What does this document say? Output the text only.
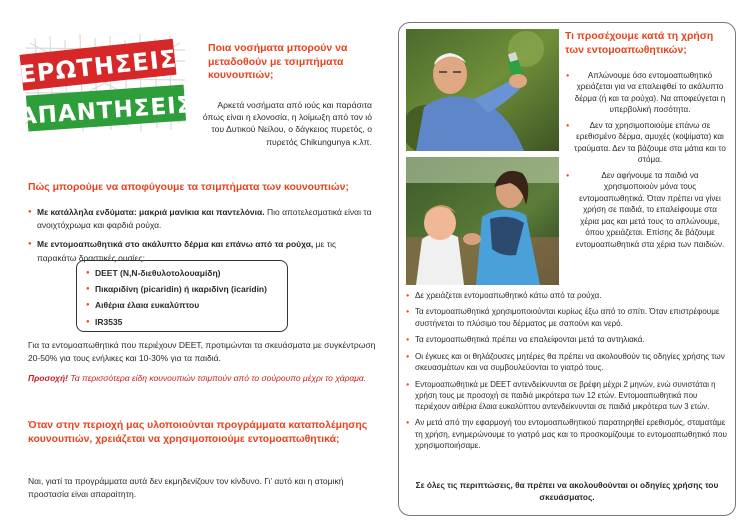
ΕΡΩΤΗΣΕΙΣ
ΑΠΑΝΤΗΣΕΙΣ
Ποια νοσήματα μπορούν να μεταδοθούν με τσιμπήματα κουνουπιών;
Αρκετά νοσήματα από ιούς και παράσιτα όπως είναι η ελονοσία, η λοίμωξη από τον ιό του Δυτικού Νείλου, ο δάγκειος πυρετός, ο πυρετός Chikungunya κ.λπ.
Πώς μπορούμε να αποφύγουμε τα τσιμπήματα των κουνουπιών;
● Με κατάλληλα ενδύματα: μακριά μανίκια και παντελόνια. Πιο αποτελεσματικά είναι τα ανοιχτόχρωμα και φαρδιά ρούχα.
● Με εντομοαπωθητικά στο ακάλυπτο δέρμα και επάνω από τα ρούχα, με τις παρακάτω δραστικές ουσίες:
● DEET (N,N-διεθυλοτολουαμίδη)
● Πικαριδίνη (picaridin) ή ικαριδίνη (icaridin)
● Αιθέρια έλαια ευκαλύπτου
● IR3535
Για τα εντομοαπωθητικά που περιέχουν DEET, προτιμώνται τα σκευάσματα με συγκέντρωση 20-50% για τους ενήλικες και 10-30% για τα παιδιά.
Προσοχή! Τα περισσότερα είδη κουνουπιών τσιμπούν από το σούρουπο μέχρι το χάραμα.
Όταν στην περιοχή μας υλοποιούνται προγράμματα καταπολέμησης κουνουπιών, χρειάζεται να χρησιμοποιούμε εντομοαπωθητικά;
Ναι, γιατί τα προγράμματα αυτά δεν εκμηδενίζουν τον κίνδυνο. Γι’ αυτό και η ατομική προστασία είναι απαραίτητη.
Τι προσέχουμε κατά τη χρήση των εντομοαπωθητικών;
● Απλώνουμε όσο εντομοαπωθητικό χρειάζεται για να επαλειφθεί το ακάλυπτο δέρμα (ή και τα ρούχα). Να αποφεύγεται η υπερβολική ποσότητα.
● Δεν τα χρησιμοποιούμε επάνω σε ερεθισμένο δέρμα, αμυχές (κοψίματα) και τραύματα. Δεν τα βάζουμε στα μάτια και το στόμα.
● Δεν αφήνουμε τα παιδιά να χρησιμοποιούν μόνα τους εντομοαπωθητικά. Όταν πρέπει να γίνει χρήση σε παιδιά, το επαλείφουμε στα χέρια μας και μετά τους το απλώνουμε, όπου χρειάζεται. Επίσης δε βάζουμε εντομοαπωθητικά στα χέρια των παιδιών.
● Δε χρειάζεται εντομοαπωθητικό κάτω από τα ρούχα.
● Τα εντομοαπωθητικά χρησιμοποιούνται κυρίως έξω από το σπίτι. Όταν επιστρέφουμε συστήνεται το πλύσιμο του δέρματος με σαπούνι και νερό.
● Τα εντομοαπωθητικά πρέπει να επαλείφονται μετά τα αντηλιακά.
● Οι έγκυες και οι θηλάζουσες μητέρες θα πρέπει να ακολουθούν τις οδηγίες χρήσης των σκευασμάτων και να συμβουλεύονται το γιατρό τους.
● Εντομοαπωθητικά με DEET αντενδείκνυνται σε βρέφη μέχρι 2 μηνών, ενώ συνιστάται η χρήση τους με προσοχή σε παιδιά μικρότερα των 12 ετών. Εντομοαπωθητικά που περιέχουν αιθέρια έλαια ευκαλύπτου αντενδείκνυνται σε παιδιά μικρότερα των 3 ετών.
● Αν μετά από την εφαρμογή του εντομοαπωθητικού παρατηρηθεί ερεθισμός, σταματάμε τη χρήση, ενημερώνουμε το γιατρό μας και το προσκομίζουμε το εντομοαπωθητικό που χρησιμοποιήσαμε.
Σε όλες τις περιπτώσεις, θα πρέπει να ακολουθούνται οι οδηγίες χρήσης του σκευάσματος.
